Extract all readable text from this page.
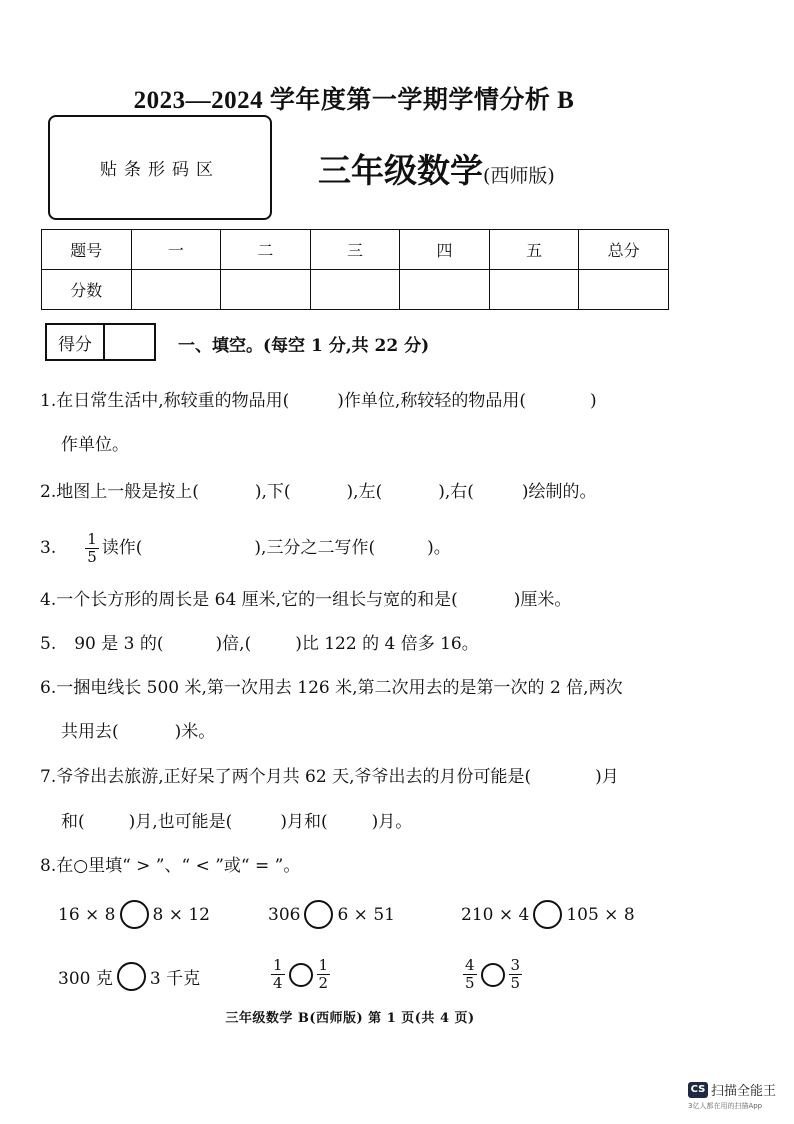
2023—2024 学年度第一学期学情分析 B
贴条形码区	三年级数学(西师版)
题号	一	二	三	四	五	总分
分数						
得分	一、填空。(每空 1 分,共 22 分)
1.在日常生活中,称较重的物品用(	)作单位,称较轻的物品用(	)
作单位。
2.地图上一般是按上(	),下(	),左(	),右(	)绘制的。
3. $\frac{1}{5}$ 读作(	),三分之二写作(	)。
4.一个长方形的周长是 64 厘米,它的一组长与宽的和是(	)厘米。
5. 90 是 3 的(	)倍,(	)比 122 的 4 倍多 16。
6.一捆电线长 500 米,第一次用去 126 米,第二次用去的是第一次的 2 倍,两次
共用去(	)米。
7.爷爷出去旅游,正好呆了两个月共 62 天,爷爷出去的月份可能是(	)月
和(	)月,也可能是(	)月和(	)月。
8.在○里填“ > ”、“ < ”或“ = ”。
16 × 8 8 × 12	306 6 × 51	210 × 4 105 × 8
300 克 3 千克	$\frac{1}{4} \frac{1}{2}$	$\frac{4}{5} \frac{3}{5}$
三年级数学 B(西师版) 第 1 页(共 4 页)
CS 扫描全能王
3亿人都在用的扫描App
